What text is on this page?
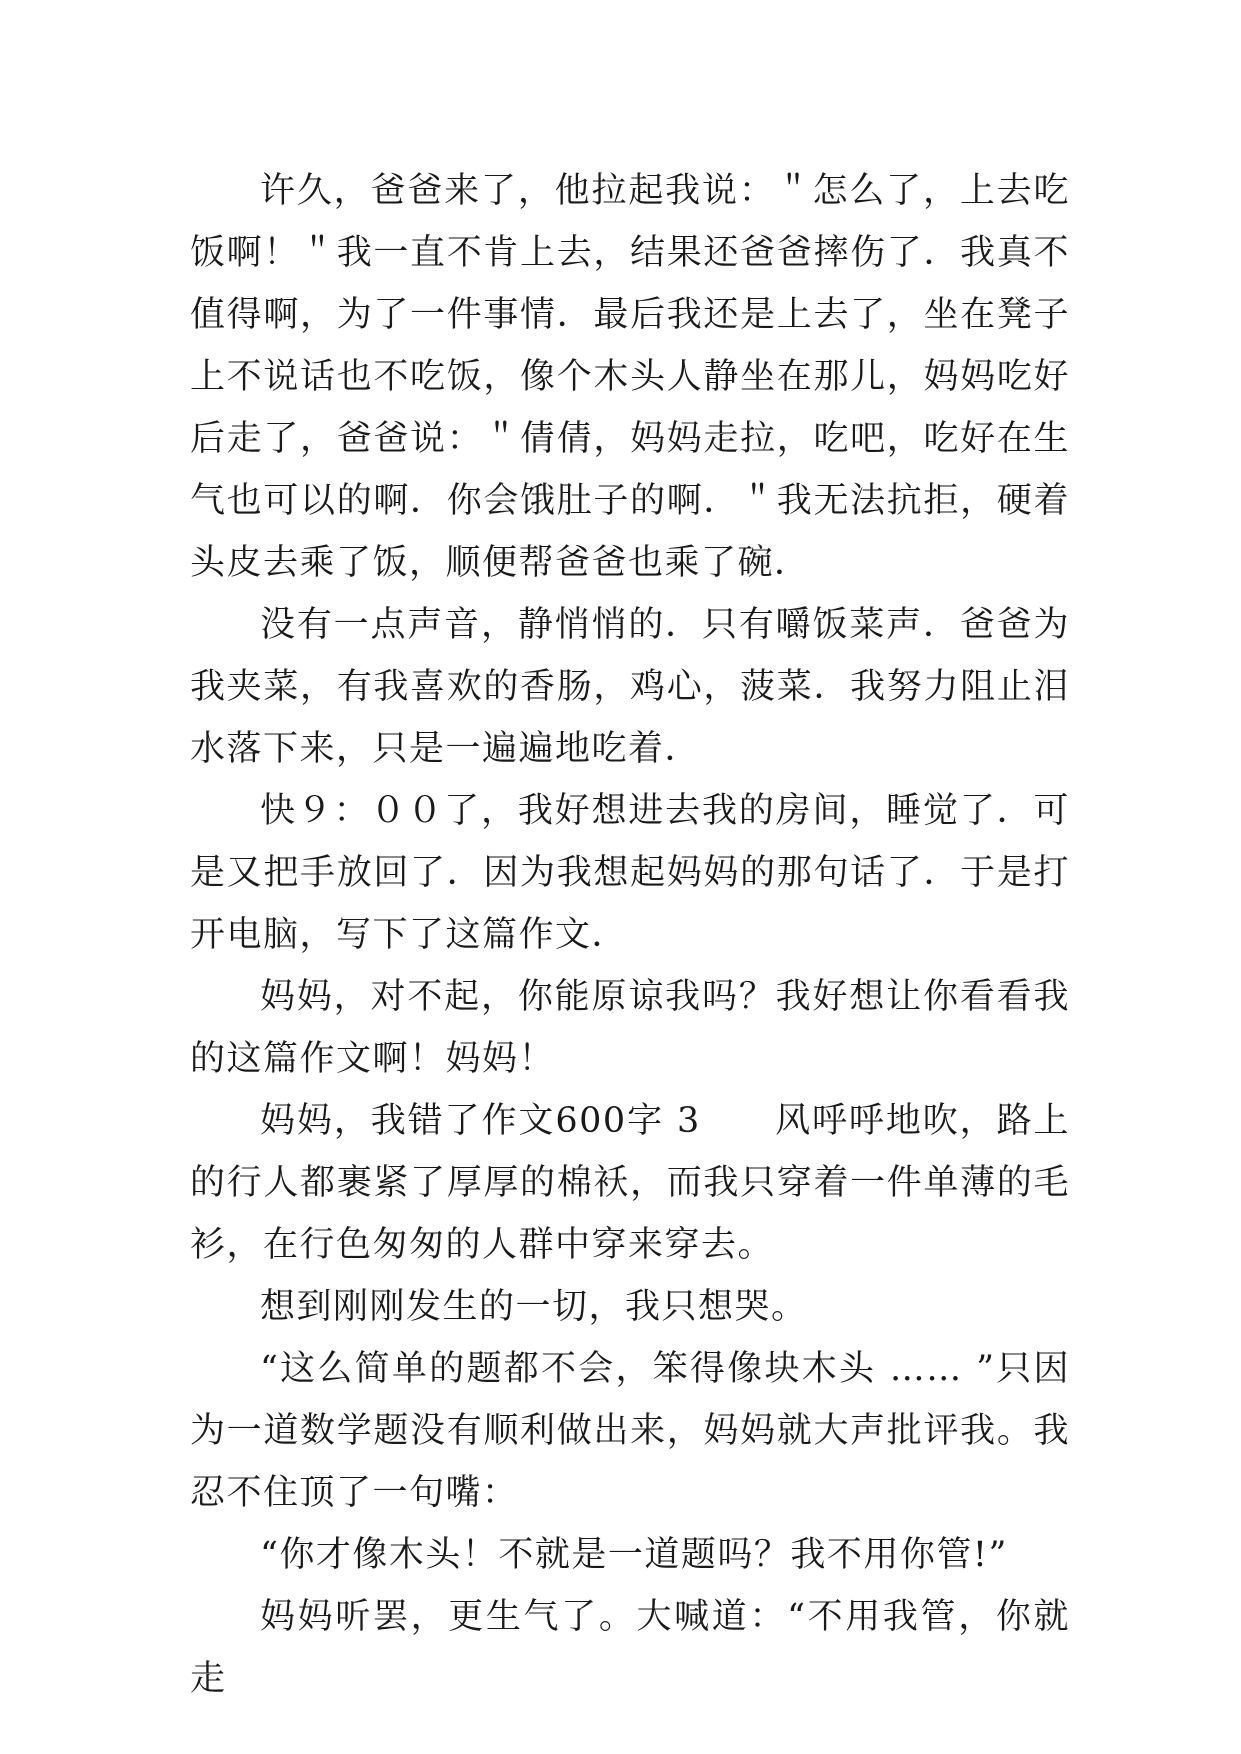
许久，爸爸来了，他拉起我说：＂怎么了，上去吃饭啊！＂我一直不肯上去，结果还爸爸摔伤了．我真不值得啊，为了一件事情．最后我还是上去了，坐在凳子上不说话也不吃饭，像个木头人静坐在那儿，妈妈吃好后走了，爸爸说：＂倩倩，妈妈走拉，吃吧，吃好在生气也可以的啊．你会饿肚子的啊．＂我无法抗拒，硬着头皮去乘了饭，顺便帮爸爸也乘了碗．

没有一点声音，静悄悄的．只有嚼饭菜声．爸爸为我夹菜，有我喜欢的香肠，鸡心，菠菜．我努力阻止泪水落下来，只是一遍遍地吃着．

快９：００了，我好想进去我的房间，睡觉了．可是又把手放回了．因为我想起妈妈的那句话了．于是打开电脑，写下了这篇作文．

妈妈，对不起，你能原谅我吗？我好想让你看看我的这篇作文啊！妈妈！

妈妈，我错了作文600字 3　　风呼呼地吹，路上的行人都裹紧了厚厚的棉袄，而我只穿着一件单薄的毛衫，在行色匆匆的人群中穿来穿去。

想到刚刚发生的一切，我只想哭。

“这么简单的题都不会，笨得像块木头 …… ”只因为一道数学题没有顺利做出来，妈妈就大声批评我。我忍不住顶了一句嘴：

“你才像木头！不就是一道题吗？我不用你管!”

妈妈听罢，更生气了。大喊道：“不用我管，你就走
